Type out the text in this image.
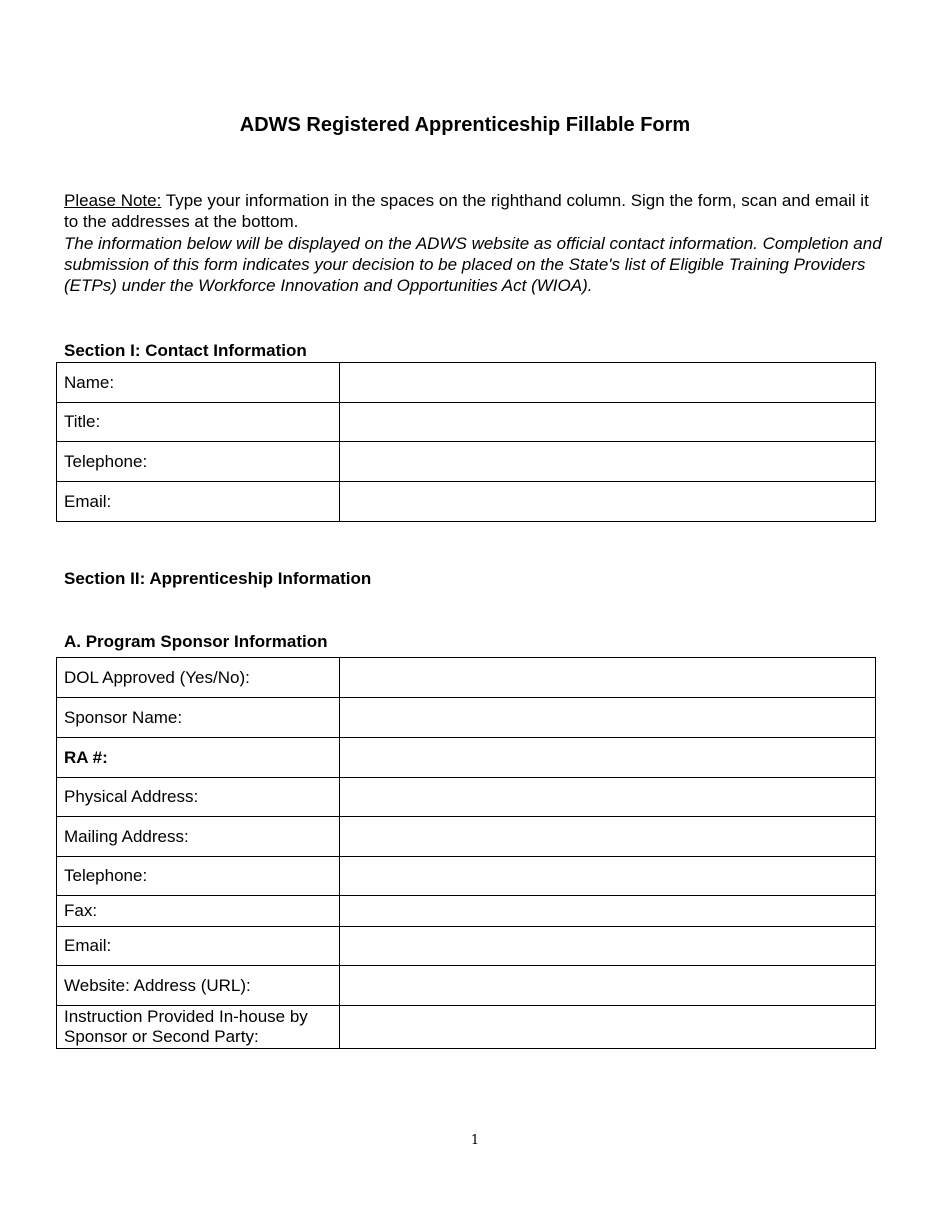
ADWS Registered Apprenticeship Fillable Form
Please Note: Type your information in the spaces on the righthand column. Sign the form, scan and email it to the addresses at the bottom.
The information below will be displayed on the ADWS website as official contact information. Completion and submission of this form indicates your decision to be placed on the State's list of Eligible Training Providers (ETPs) under the Workforce Innovation and Opportunities Act (WIOA).
Section I: Contact Information
Name:	
Title:	
Telephone:	
Email:	
Section II: Apprenticeship Information
A. Program Sponsor Information
DOL Approved (Yes/No):	
Sponsor Name:	
RA #:	
Physical Address:	
Mailing Address:	
Telephone:	
Fax:	
Email:	
Website: Address (URL):	
Instruction Provided In-house by Sponsor or Second Party:	
1
